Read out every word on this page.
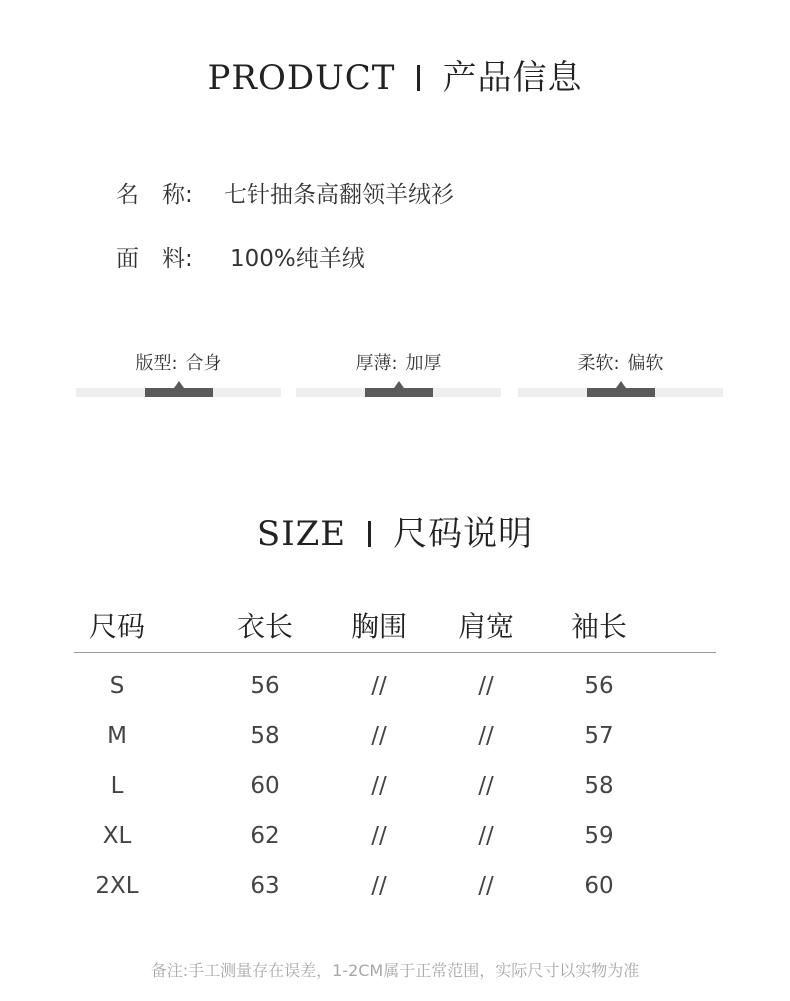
PRODUCT 产品信息
名　称: 七针抽条高翻领羊绒衫
面　料: 100%纯羊绒
版型: 合身	厚薄: 加厚	柔软: 偏软
SIZE 尺码说明
尺码	衣长	胸围	肩宽	袖长
S	56	//	//	56
M	58	//	//	57
L	60	//	//	58
XL	62	//	//	59
2XL	63	//	//	60
备注:手工测量存在误差，1-2CM属于正常范围，实际尺寸以实物为准
